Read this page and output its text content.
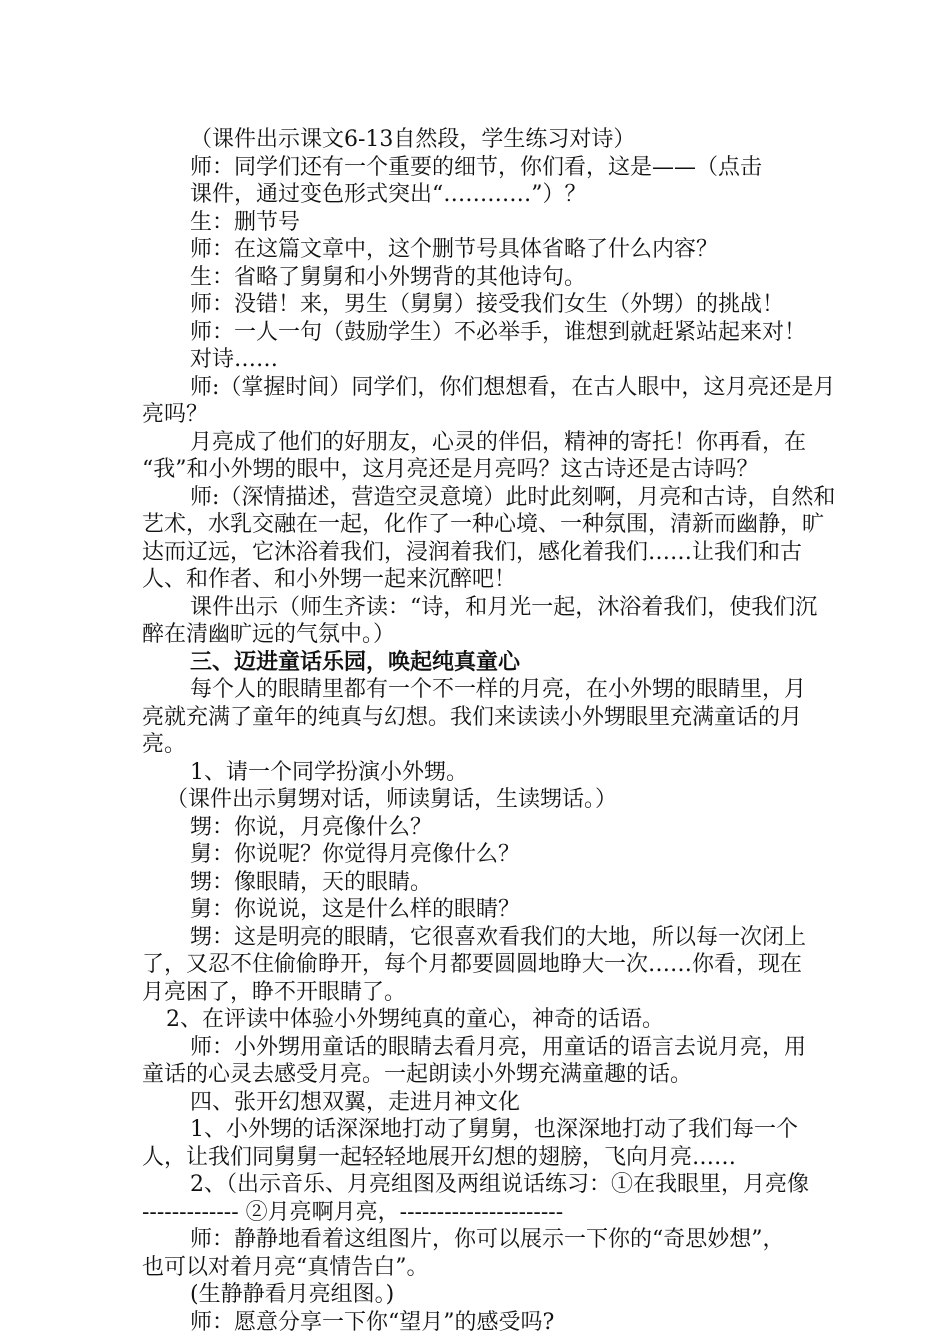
（课件出示课文6-13自然段，学生练习对诗）
师：同学们还有一个重要的细节，你们看，这是——（点击
课件，通过变色形式突出“…………”）？
生：删节号
师：在这篇文章中，这个删节号具体省略了什么内容？
生：省略了舅舅和小外甥背的其他诗句。
师：没错！来，男生（舅舅）接受我们女生（外甥）的挑战！
师：一人一句（鼓励学生）不必举手，谁想到就赶紧站起来对！
对诗……
师:（掌握时间）同学们，你们想想看，在古人眼中，这月亮还是月
亮吗？
月亮成了他们的好朋友，心灵的伴侣，精神的寄托！你再看，在
“我”和小外甥的眼中，这月亮还是月亮吗？这古诗还是古诗吗？
师:（深情描述，营造空灵意境）此时此刻啊，月亮和古诗，自然和
艺术，水乳交融在一起，化作了一种心境、一种氛围，清新而幽静，旷
达而辽远，它沐浴着我们，浸润着我们，感化着我们……让我们和古
人、和作者、和小外甥一起来沉醉吧！
课件出示（师生齐读：“诗，和月光一起，沐浴着我们，使我们沉
醉在清幽旷远的气氛中。）
三、迈进童话乐园，唤起纯真童心
每个人的眼睛里都有一个不一样的月亮，在小外甥的眼睛里，月
亮就充满了童年的纯真与幻想。我们来读读小外甥眼里充满童话的月
亮。
1、请一个同学扮演小外甥。
（课件出示舅甥对话，师读舅话，生读甥话。）
甥：你说，月亮像什么？
舅：你说呢？你觉得月亮像什么？
甥：像眼睛，天的眼睛。
舅：你说说，这是什么样的眼睛？
甥：这是明亮的眼睛，它很喜欢看我们的大地，所以每一次闭上
了，又忍不住偷偷睁开，每个月都要圆圆地睁大一次……你看，现在
月亮困了，睁不开眼睛了。
2、在评读中体验小外甥纯真的童心，神奇的话语。
师：小外甥用童话的眼睛去看月亮，用童话的语言去说月亮，用
童话的心灵去感受月亮。一起朗读小外甥充满童趣的话。
四、张开幻想双翼，走进月神文化
1、小外甥的话深深地打动了舅舅，也深深地打动了我们每一个
人，让我们同舅舅一起轻轻地展开幻想的翅膀，飞向月亮……
2、（出示音乐、月亮组图及两组说话练习：①在我眼里，月亮像
------------- ②月亮啊月亮，----------------------
师：静静地看着这组图片，你可以展示一下你的“奇思妙想”，
也可以对着月亮“真情告白”。
(生静静看月亮组图。)
师：愿意分享一下你“望月”的感受吗?
